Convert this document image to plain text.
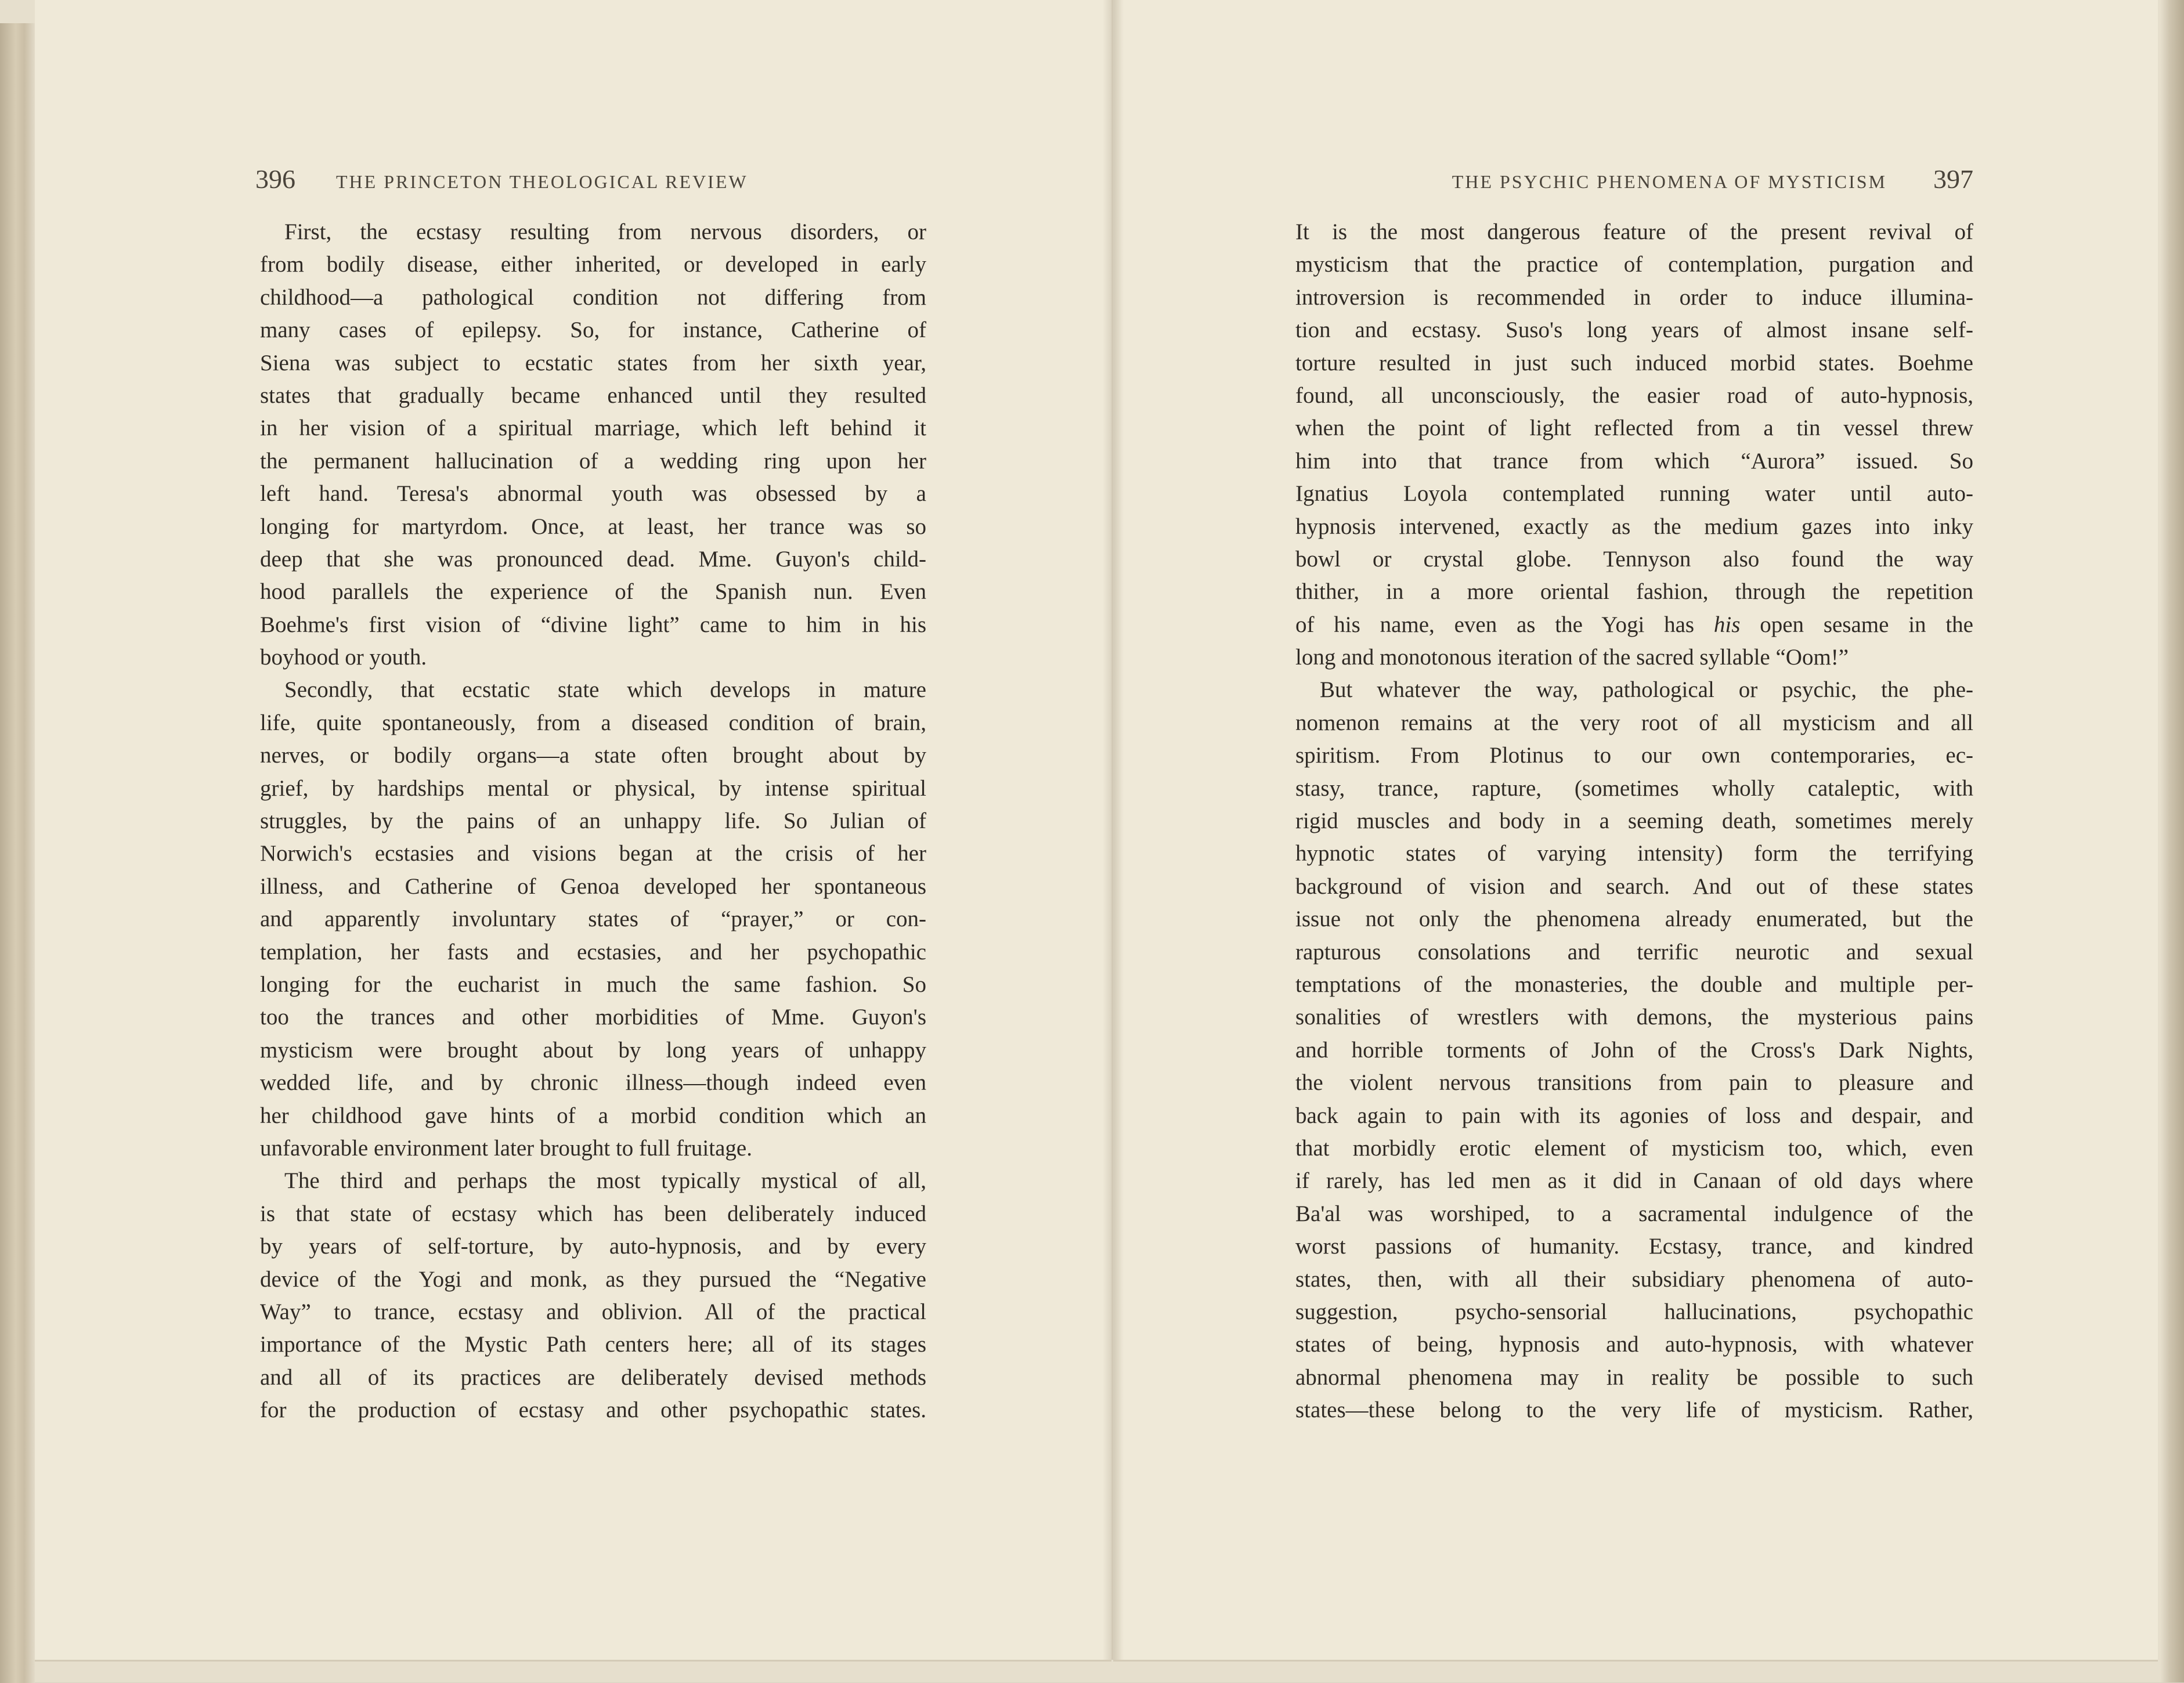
396 THE PRINCETON THEOLOGICAL REVIEW	THE PSYCHIC PHENOMENA OF MYSTICISM 397
First, the ecstasy resulting from nervous disorders, or
from bodily disease, either inherited, or developed in early
childhood—a pathological condition not differing from
many cases of epilepsy. So, for instance, Catherine of
Siena was subject to ecstatic states from her sixth year,
states that gradually became enhanced until they resulted
in her vision of a spiritual marriage, which left behind it
the permanent hallucination of a wedding ring upon her
left hand. Teresa's abnormal youth was obsessed by a
longing for martyrdom. Once, at least, her trance was so
deep that she was pronounced dead. Mme. Guyon's child-
hood parallels the experience of the Spanish nun. Even
Boehme's first vision of “divine light” came to him in his
boyhood or youth.
Secondly, that ecstatic state which develops in mature
life, quite spontaneously, from a diseased condition of brain,
nerves, or bodily organs—a state often brought about by
grief, by hardships mental or physical, by intense spiritual
struggles, by the pains of an unhappy life. So Julian of
Norwich's ecstasies and visions began at the crisis of her
illness, and Catherine of Genoa developed her spontaneous
and apparently involuntary states of “prayer,” or con-
templation, her fasts and ecstasies, and her psychopathic
longing for the eucharist in much the same fashion. So
too the trances and other morbidities of Mme. Guyon's
mysticism were brought about by long years of unhappy
wedded life, and by chronic illness—though indeed even
her childhood gave hints of a morbid condition which an
unfavorable environment later brought to full fruitage.
The third and perhaps the most typically mystical of all,
is that state of ecstasy which has been deliberately induced
by years of self-torture, by auto-hypnosis, and by every
device of the Yogi and monk, as they pursued the “Negative
Way” to trance, ecstasy and oblivion. All of the practical
importance of the Mystic Path centers here; all of its stages
and all of its practices are deliberately devised methods
for the production of ecstasy and other psychopathic states.
It is the most dangerous feature of the present revival of
mysticism that the practice of contemplation, purgation and
introversion is recommended in order to induce illumina-
tion and ecstasy. Suso's long years of almost insane self-
torture resulted in just such induced morbid states. Boehme
found, all unconsciously, the easier road of auto-hypnosis,
when the point of light reflected from a tin vessel threw
him into that trance from which “Aurora” issued. So
Ignatius Loyola contemplated running water until auto-
hypnosis intervened, exactly as the medium gazes into inky
bowl or crystal globe. Tennyson also found the way
thither, in a more oriental fashion, through the repetition
of his name, even as the Yogi has his open sesame in the
long and monotonous iteration of the sacred syllable “Oom!”
But whatever the way, pathological or psychic, the phe-
nomenon remains at the very root of all mysticism and all
spiritism. From Plotinus to our own contemporaries, ec-
stasy, trance, rapture, (sometimes wholly cataleptic, with
rigid muscles and body in a seeming death, sometimes merely
hypnotic states of varying intensity) form the terrifying
background of vision and search. And out of these states
issue not only the phenomena already enumerated, but the
rapturous consolations and terrific neurotic and sexual
temptations of the monasteries, the double and multiple per-
sonalities of wrestlers with demons, the mysterious pains
and horrible torments of John of the Cross's Dark Nights,
the violent nervous transitions from pain to pleasure and
back again to pain with its agonies of loss and despair, and
that morbidly erotic element of mysticism too, which, even
if rarely, has led men as it did in Canaan of old days where
Ba'al was worshiped, to a sacramental indulgence of the
worst passions of humanity. Ecstasy, trance, and kindred
states, then, with all their subsidiary phenomena of auto-
suggestion, psycho-sensorial hallucinations, psychopathic
states of being, hypnosis and auto-hypnosis, with whatever
abnormal phenomena may in reality be possible to such
states—these belong to the very life of mysticism. Rather,
